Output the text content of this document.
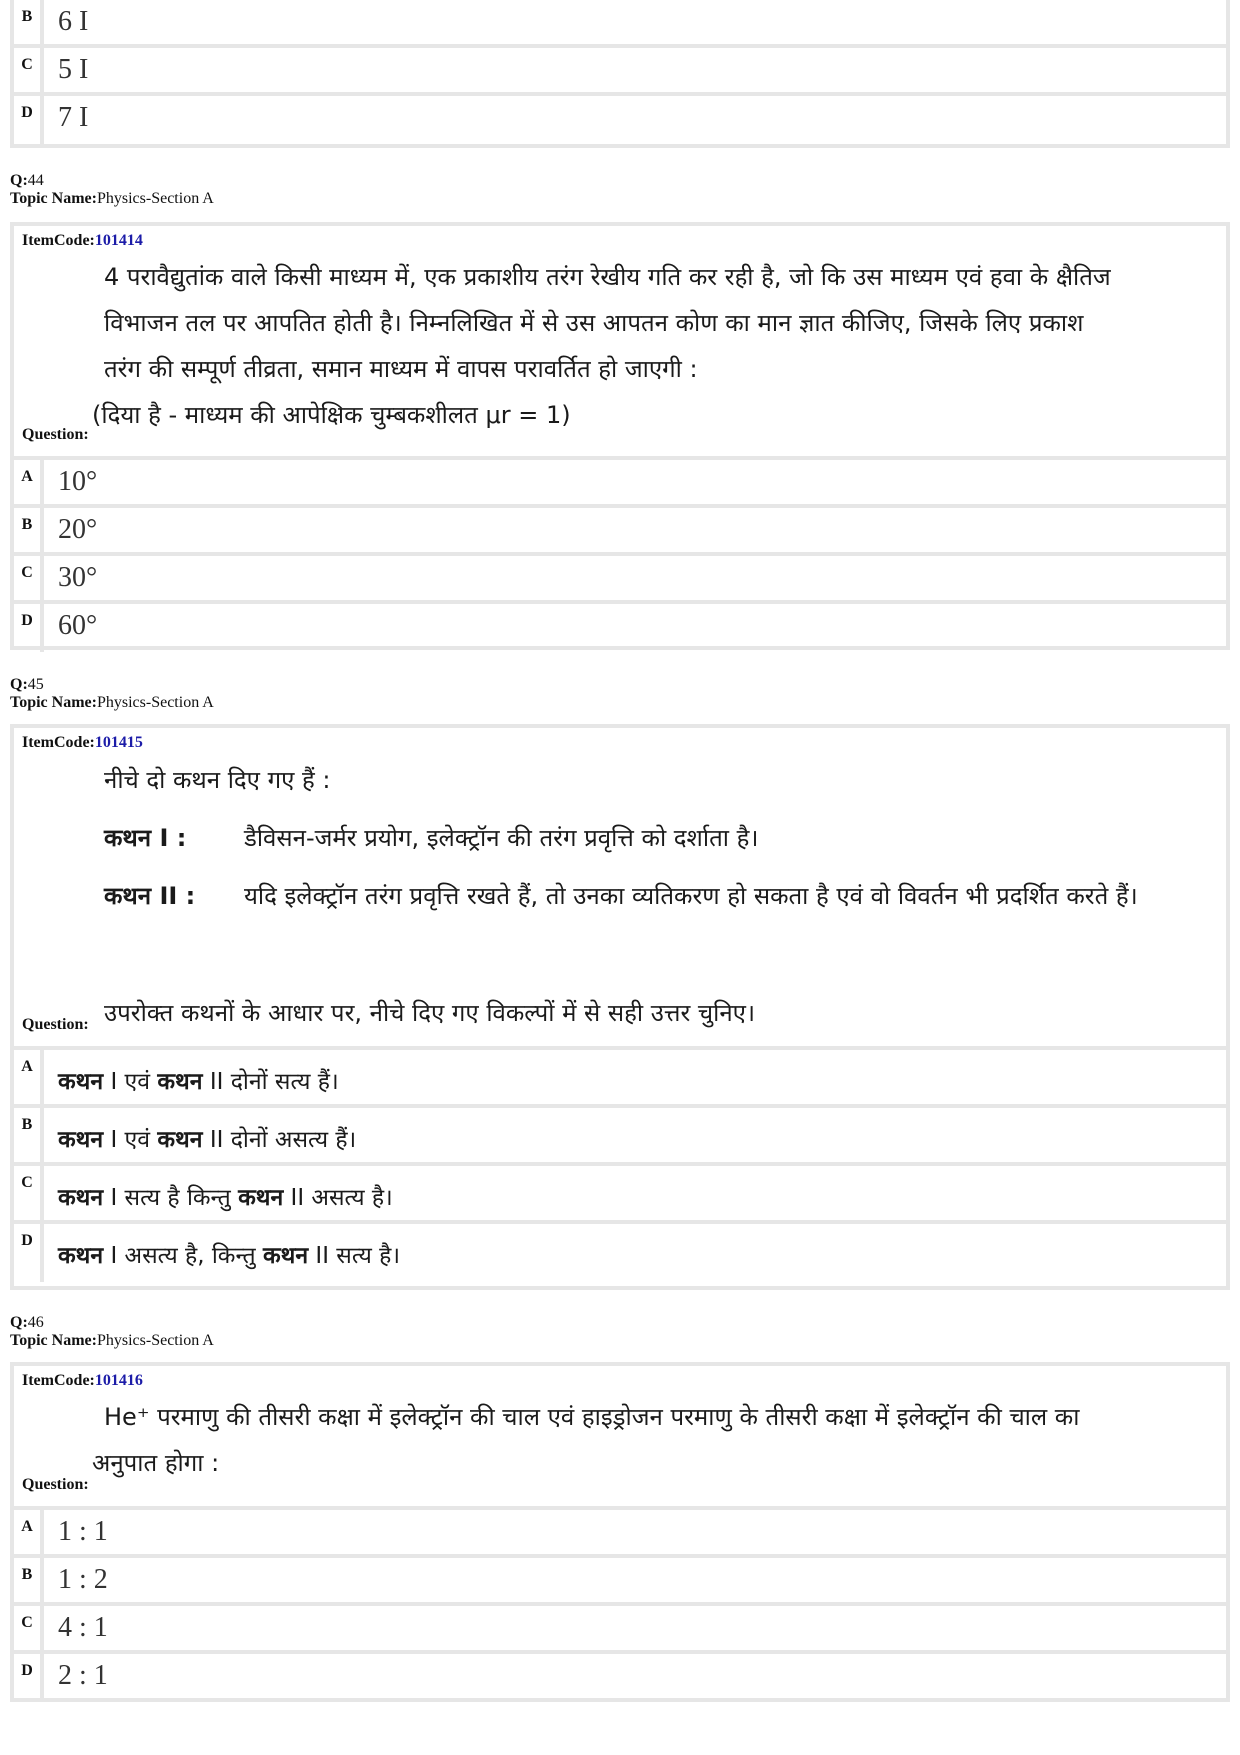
B 6 I
C 5 I
D 7 I
Q:44
Topic Name:Physics-Section A
ItemCode:101414
4 परावैद्युतांक वाले किसी माध्यम में, एक प्रकाशीय तरंग रेखीय गति कर रही है, जो कि उस माध्यम एवं हवा के क्षैतिज
विभाजन तल पर आपतित होती है। निम्नलिखित में से उस आपतन कोण का मान ज्ञात कीजिए, जिसके लिए प्रकाश
तरंग की सम्पूर्ण तीव्रता, समान माध्यम में वापस परावर्तित हो जाएगी :
(दिया है - माध्यम की आपेक्षिक चुम्बकशीलत μr = 1)
Question:
A 10°
B 20°
C 30°
D 60°
Q:45
Topic Name:Physics-Section A
ItemCode:101415
नीचे दो कथन दिए गए हैं :
कथन I :	डैविसन-जर्मर प्रयोग, इलेक्ट्रॉन की तरंग प्रवृत्ति को दर्शाता है।
कथन II :	यदि इलेक्ट्रॉन तरंग प्रवृत्ति रखते हैं, तो उनका व्यतिकरण हो सकता है एवं वो विवर्तन भी प्रदर्शित करते हैं।
उपरोक्त कथनों के आधार पर, नीचे दिए गए विकल्पों में से सही उत्तर चुनिए।
Question:
A
कथन I एवं कथन II दोनों सत्य हैं।
B
कथन I एवं कथन II दोनों असत्य हैं।
C
कथन I सत्य है किन्तु कथन II असत्य है।
D
कथन I असत्य है, किन्तु कथन II सत्य है।
Q:46
Topic Name:Physics-Section A
ItemCode:101416
He⁺ परमाणु की तीसरी कक्षा में इलेक्ट्रॉन की चाल एवं हाइड्रोजन परमाणु के तीसरी कक्षा में इलेक्ट्रॉन की चाल का
अनुपात होगा :
Question:
A 1 : 1
B 1 : 2
C 4 : 1
D 2 : 1
